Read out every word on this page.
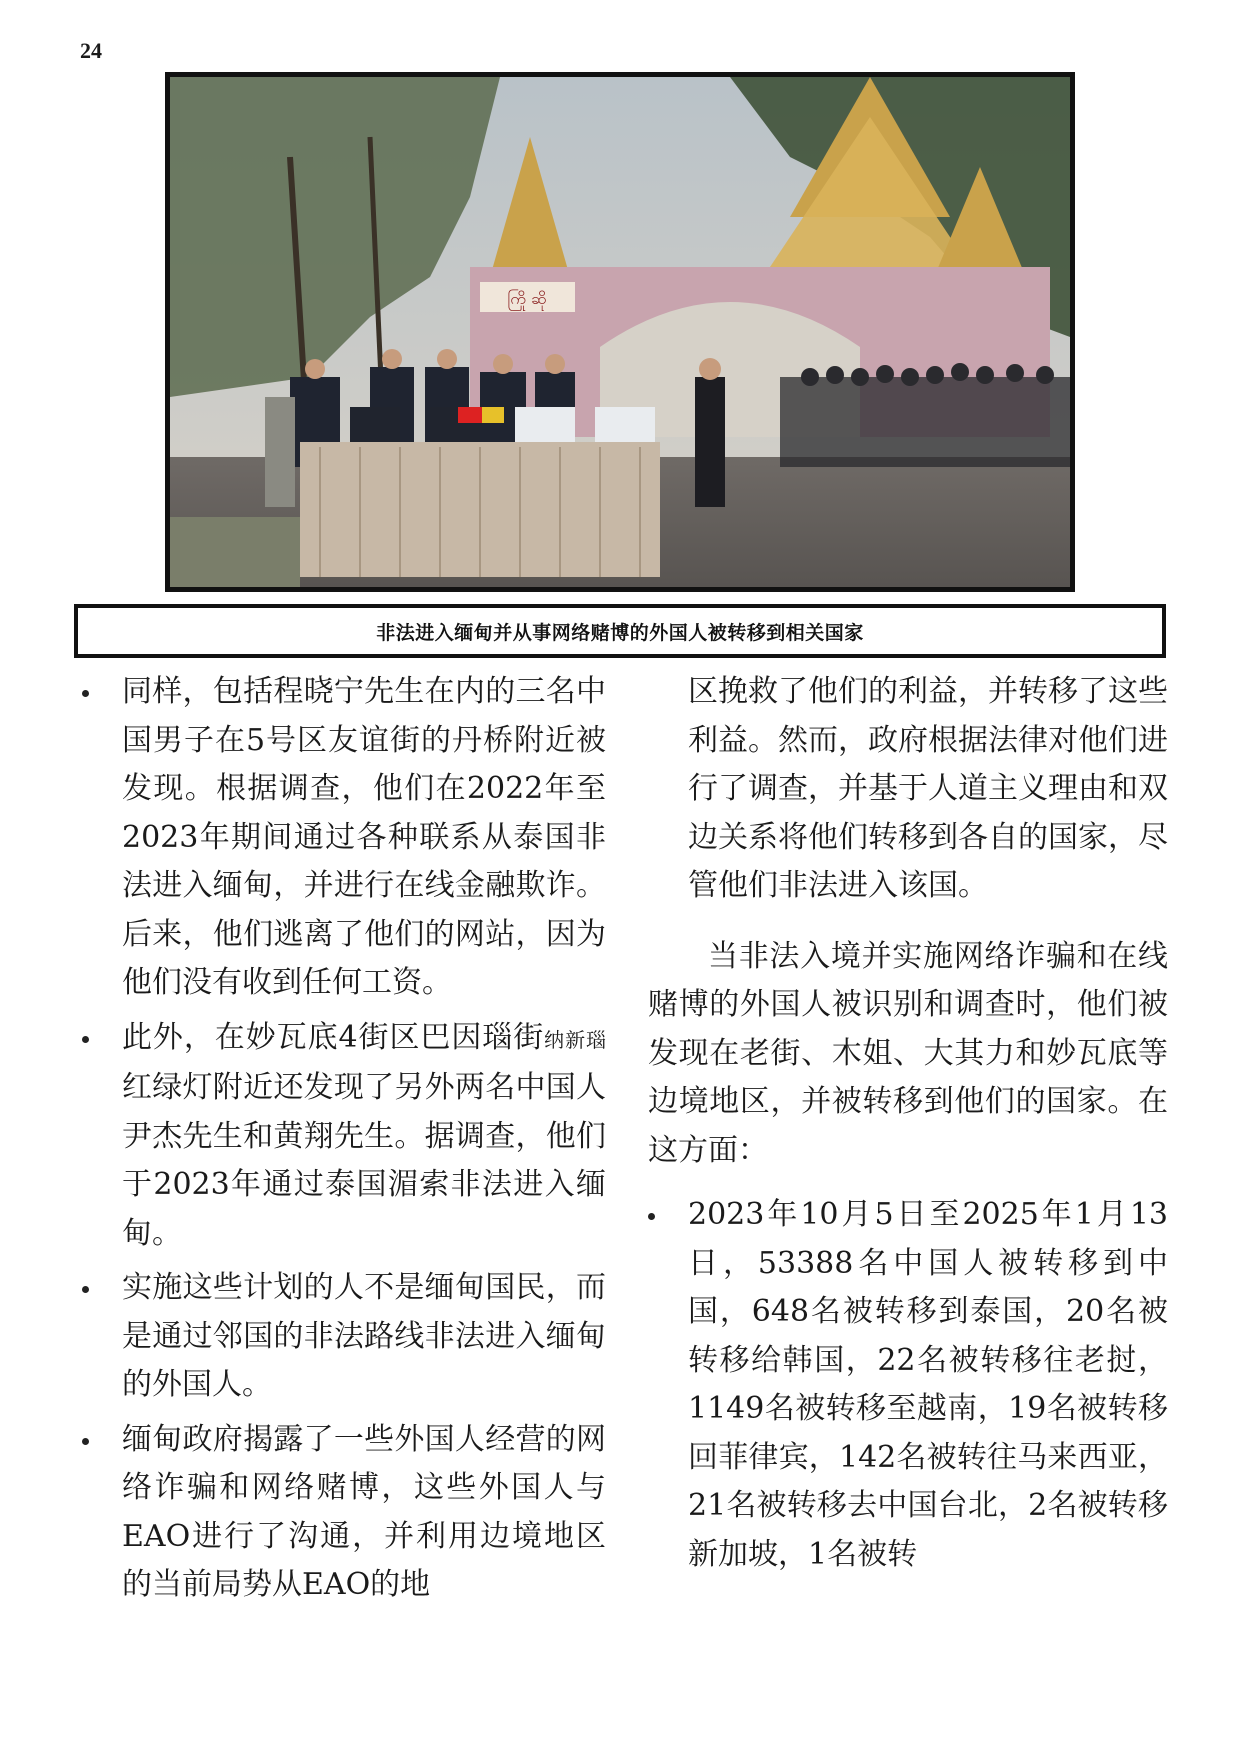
24
ကြို ဆို
非法进入缅甸并从事网络赌博的外国人被转移到相关国家

同样，包括程晓宁先生在内的三名中国男子在5号区友谊街的丹桥附近被发现。根据调查，他们在2022年至2023年期间通过各种联系从泰国非法进入缅甸，并进行在线金融欺诈。后来，他们逃离了他们的网站，因为他们没有收到任何工资。

此外，在妙瓦底4街区巴因瑙街纳新瑙红绿灯附近还发现了另外两名中国人尹杰先生和黄翔先生。据调查，他们于2023年通过泰国湄索非法进入缅甸。

实施这些计划的人不是缅甸国民，而是通过邻国的非法路线非法进入缅甸的外国人。

缅甸政府揭露了一些外国人经营的网络诈骗和网络赌博，这些外国人与EAO进行了沟通，并利用边境地区的当前局势从EAO的地

区挽救了他们的利益，并转移了这些利益。然而，政府根据法律对他们进行了调查，并基于人道主义理由和双边关系将他们转移到各自的国家，尽管他们非法进入该国。

当非法入境并实施网络诈骗和在线赌博的外国人被识别和调查时，他们被发现在老街、木姐、大其力和妙瓦底等边境地区，并被转移到他们的国家。在这方面：

2023年10月5日至2025年1月13日，53388名中国人被转移到中国，648名被转移到泰国，20名被转移给韩国，22名被转移往老挝，1149名被转移至越南，19名被转移回菲律宾，142名被转往马来西亚，21名被转移去中国台北，2名被转移新加坡，1名被转
